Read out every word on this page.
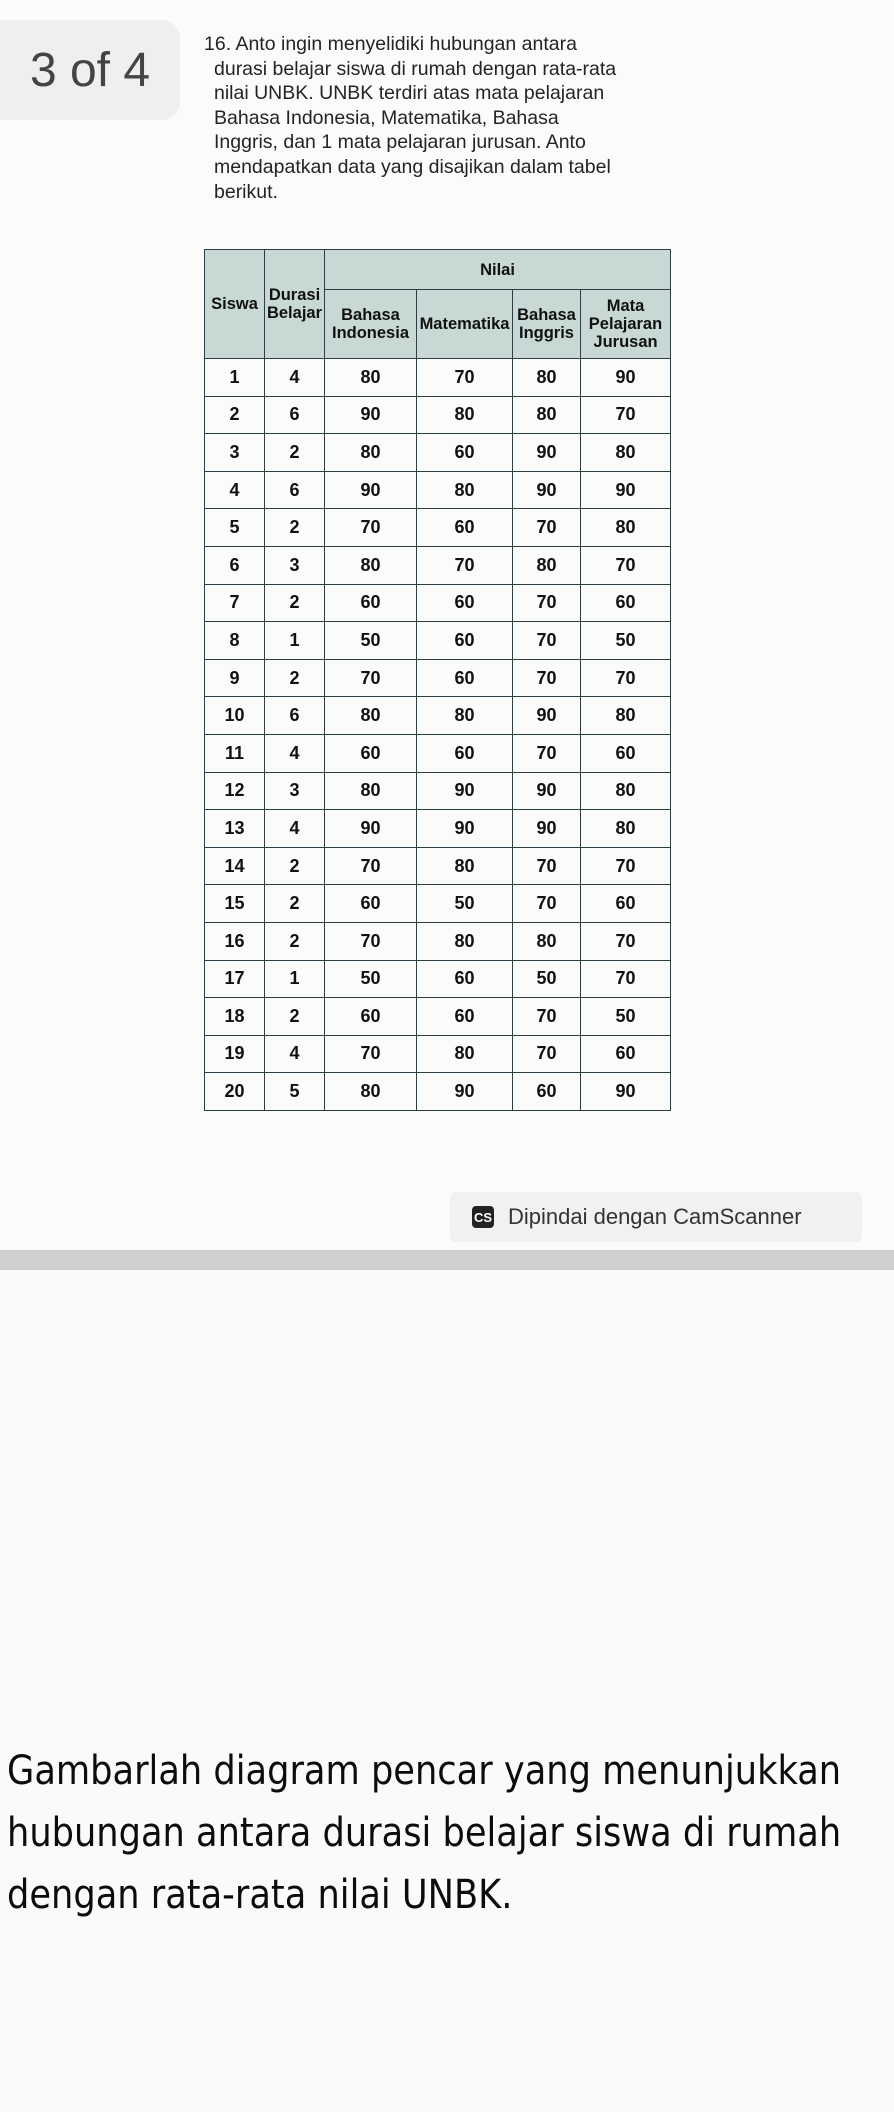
3 of 4	16. Anto ingin menyelidiki hubungan antara
durasi belajar siswa di rumah dengan rata-rata
nilai UNBK. UNBK terdiri atas mata pelajaran
Bahasa Indonesia, Matematika, Bahasa
Inggris, dan 1 mata pelajaran jurusan. Anto
mendapatkan data yang disajikan dalam tabel
berikut.
Siswa	Durasi Belajar	Nilai			
		Bahasa Indonesia	Matematika	Bahasa Inggris	Mata Pelajaran Jurusan
1	4	80	70	80	90
2	6	90	80	80	70
3	2	80	60	90	80
4	6	90	80	90	90
5	2	70	60	70	80
6	3	80	70	80	70
7	2	60	60	70	60
8	1	50	60	70	50
9	2	70	60	70	70
10	6	80	80	90	80
11	4	60	60	70	60
12	3	80	90	90	80
13	4	90	90	90	80
14	2	70	80	70	70
15	2	60	50	70	60
16	2	70	80	80	70
17	1	50	60	50	70
18	2	60	60	70	50
19	4	70	80	70	60
20	5	80	90	60	90
CS Dipindai dengan CamScanner
Gambarlah diagram pencar yang menunjukkan hubungan antara durasi belajar siswa di rumah dengan rata-rata nilai UNBK.
